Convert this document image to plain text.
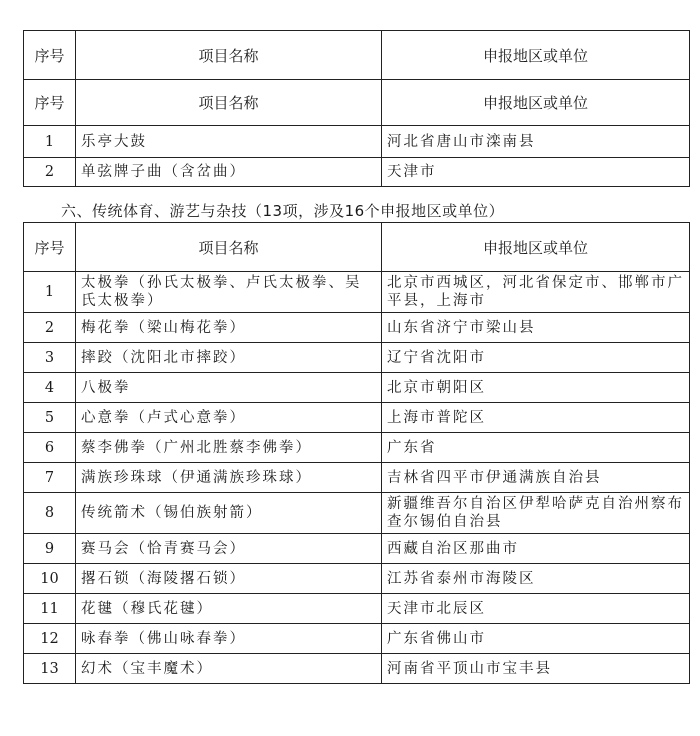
序号	项目名称	申报地区或单位
序号	项目名称	申报地区或单位
1	乐亭大鼓	河北省唐山市滦南县
2	单弦牌子曲（含岔曲）	天津市
六、传统体育、游艺与杂技（13项，涉及16个申报地区或单位）
序号	项目名称	申报地区或单位
1	太极拳（孙氏太极拳、卢氏太极拳、吴氏太极拳）	北京市西城区，河北省保定市、邯郸市广平县，上海市
2	梅花拳（梁山梅花拳）	山东省济宁市梁山县
3	摔跤（沈阳北市摔跤）	辽宁省沈阳市
4	八极拳	北京市朝阳区
5	心意拳（卢式心意拳）	上海市普陀区
6	蔡李佛拳（广州北胜蔡李佛拳）	广东省
7	满族珍珠球（伊通满族珍珠球）	吉林省四平市伊通满族自治县
8	传统箭术（锡伯族射箭）	新疆维吾尔自治区伊犁哈萨克自治州察布查尔锡伯自治县
9	赛马会（恰青赛马会）	西藏自治区那曲市
10	撂石锁（海陵撂石锁）	江苏省泰州市海陵区
11	花毽（穆氏花毽）	天津市北辰区
12	咏春拳（佛山咏春拳）	广东省佛山市
13	幻术（宝丰魔术）	河南省平顶山市宝丰县
